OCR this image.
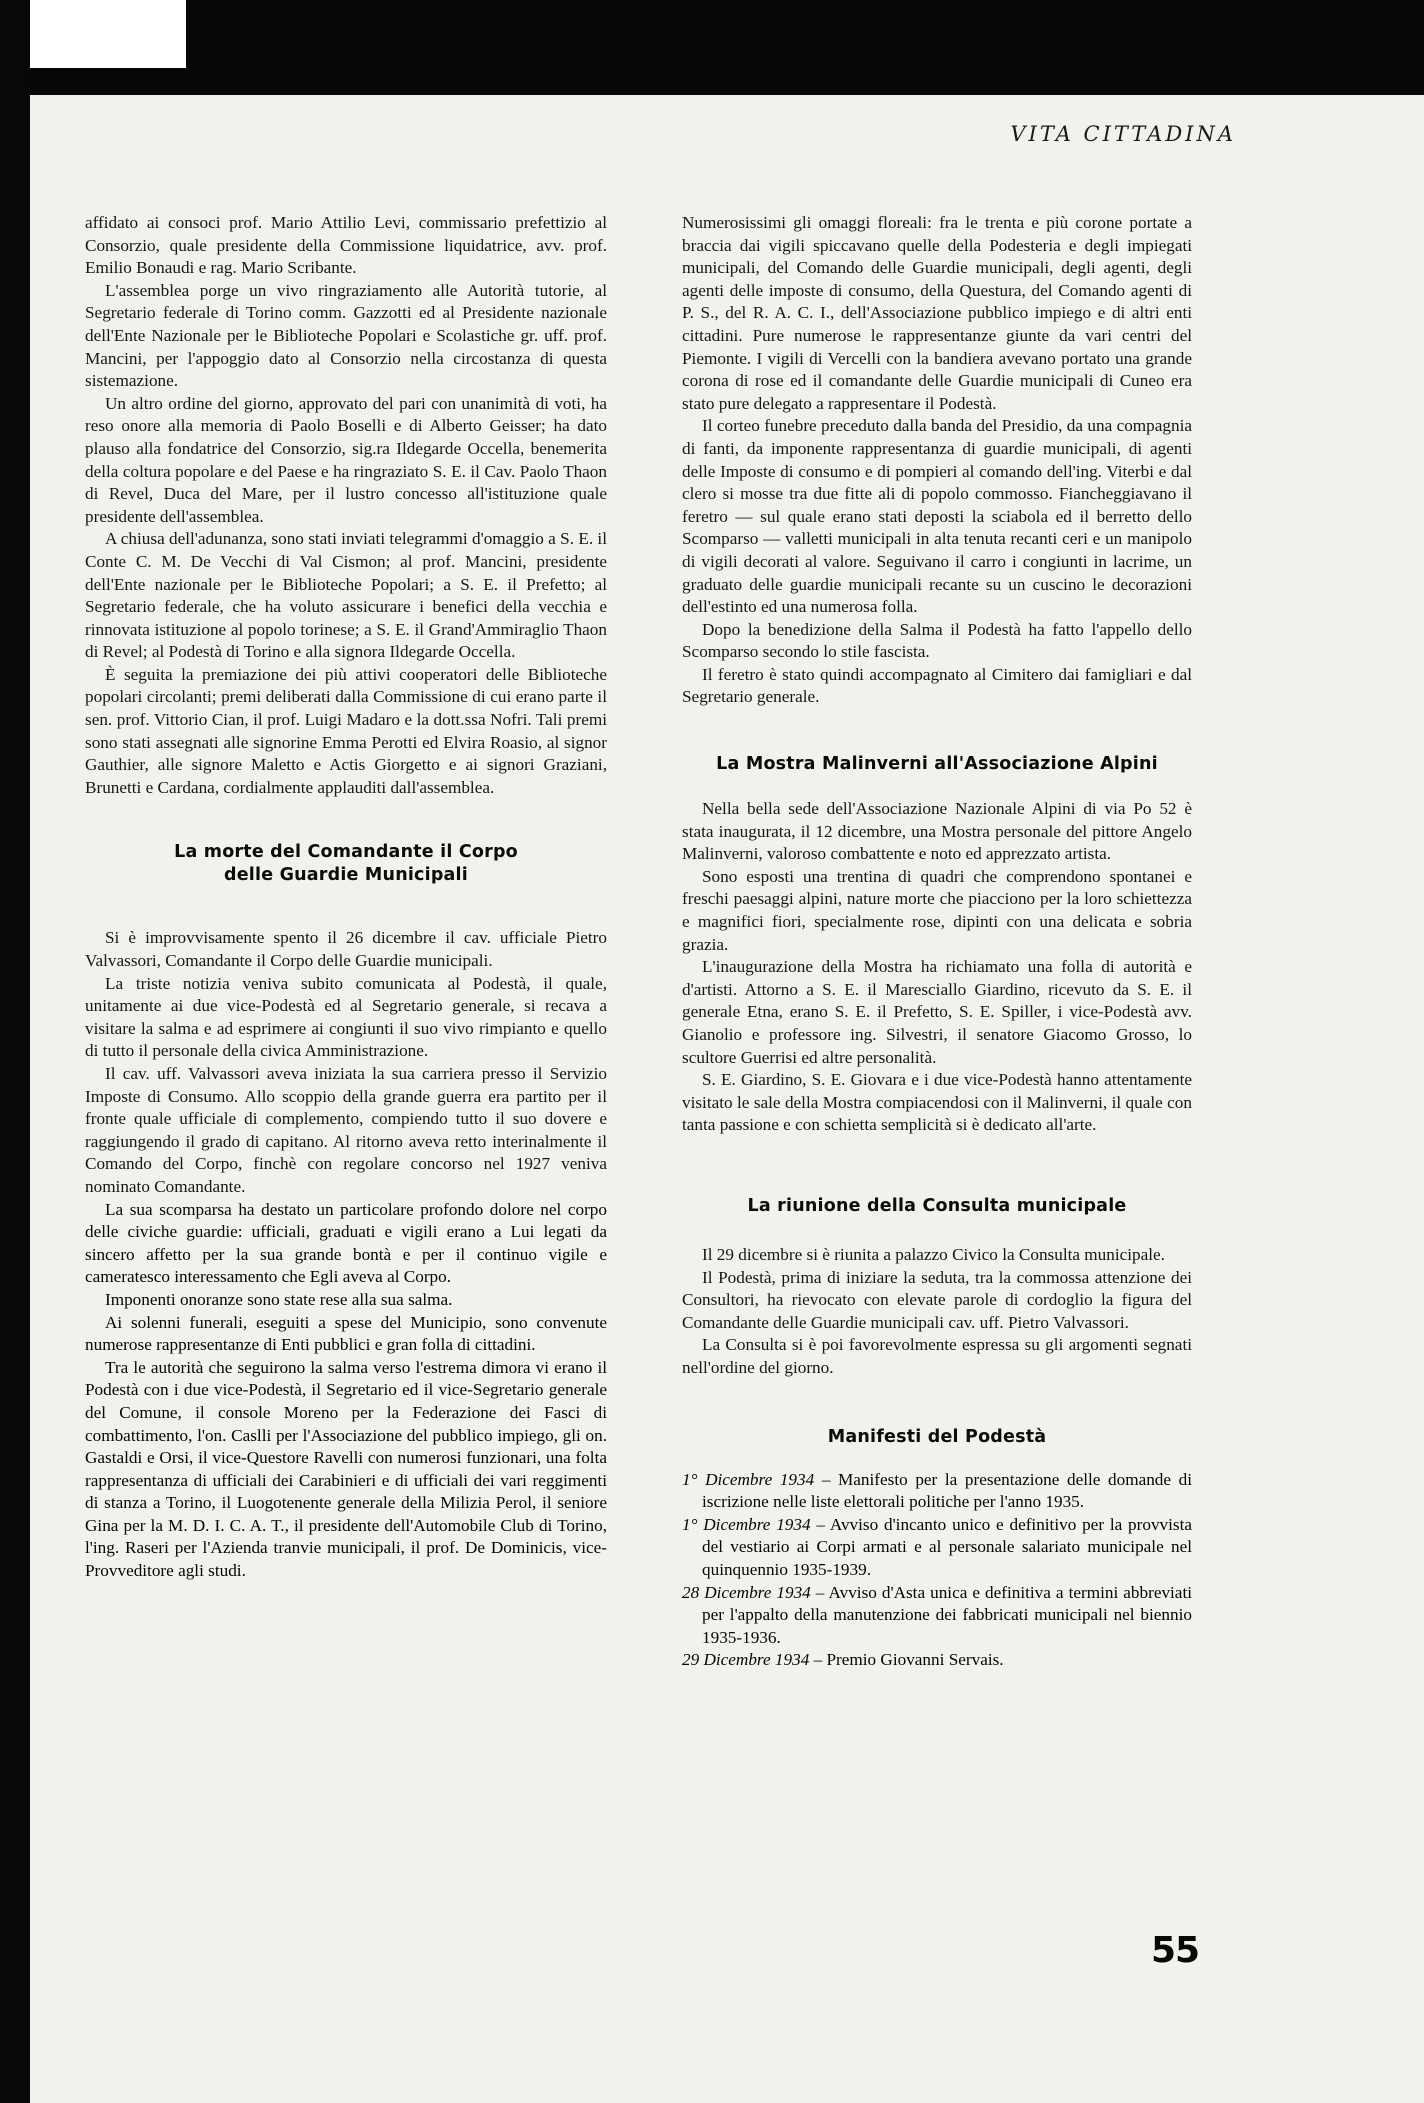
VITA CITTADINA

affidato ai consoci prof. Mario Attilio Levi, commissario prefettizio al Consorzio, quale presidente della Commissione liquidatrice, avv. prof. Emilio Bonaudi e rag. Mario Scribante.

L'assemblea porge un vivo ringraziamento alle Autorità tutorie, al Segretario federale di Torino comm. Gazzotti ed al Presidente nazionale dell'Ente Nazionale per le Biblioteche Popolari e Scolastiche gr. uff. prof. Mancini, per l'appoggio dato al Consorzio nella circostanza di questa sistemazione.

Un altro ordine del giorno, approvato del pari con unanimità di voti, ha reso onore alla memoria di Paolo Boselli e di Alberto Geisser; ha dato plauso alla fondatrice del Consorzio, sig.ra Ildegarde Occella, benemerita della coltura popolare e del Paese e ha ringraziato S. E. il Cav. Paolo Thaon di Revel, Duca del Mare, per il lustro concesso all'istituzione quale presidente dell'assemblea.

A chiusa dell'adunanza, sono stati inviati telegrammi d'omaggio a S. E. il Conte C. M. De Vecchi di Val Cismon; al prof. Mancini, presidente dell'Ente nazionale per le Biblioteche Popolari; a S. E. il Prefetto; al Segretario federale, che ha voluto assicurare i benefici della vecchia e rinnovata istituzione al popolo torinese; a S. E. il Grand'Ammiraglio Thaon di Revel; al Podestà di Torino e alla signora Ildegarde Occella.

È seguita la premiazione dei più attivi cooperatori delle Biblioteche popolari circolanti; premi deliberati dalla Commissione di cui erano parte il sen. prof. Vittorio Cian, il prof. Luigi Madaro e la dott.ssa Nofri. Tali premi sono stati assegnati alle signorine Emma Perotti ed Elvira Roasio, al signor Gauthier, alle signore Maletto e Actis Giorgetto e ai signori Graziani, Brunetti e Cardana, cordialmente applauditi dall'assemblea.

La morte del Comandante il Corpo
delle Guardie Municipali

Si è improvvisamente spento il 26 dicembre il cav. ufficiale Pietro Valvassori, Comandante il Corpo delle Guardie municipali.

La triste notizia veniva subito comunicata al Podestà, il quale, unitamente ai due vice-Podestà ed al Segretario generale, si recava a visitare la salma e ad esprimere ai congiunti il suo vivo rimpianto e quello di tutto il personale della civica Amministrazione.

Il cav. uff. Valvassori aveva iniziata la sua carriera presso il Servizio Imposte di Consumo. Allo scoppio della grande guerra era partito per il fronte quale ufficiale di complemento, compiendo tutto il suo dovere e raggiungendo il grado di capitano. Al ritorno aveva retto interinalmente il Comando del Corpo, finchè con regolare concorso nel 1927 veniva nominato Comandante.

La sua scomparsa ha destato un particolare profondo dolore nel corpo delle civiche guardie: ufficiali, graduati e vigili erano a Lui legati da sincero affetto per la sua grande bontà e per il continuo vigile e cameratesco interessamento che Egli aveva al Corpo.

Imponenti onoranze sono state rese alla sua salma.

Ai solenni funerali, eseguiti a spese del Municipio, sono convenute numerose rappresentanze di Enti pubblici e gran folla di cittadini.

Tra le autorità che seguirono la salma verso l'estrema dimora vi erano il Podestà con i due vice-Podestà, il Segretario ed il vice-Segretario generale del Comune, il console Moreno per la Federazione dei Fasci di combattimento, l'on. Caslli per l'Associazione del pubblico impiego, gli on. Gastaldi e Orsi, il vice-Questore Ravelli con numerosi funzionari, una folta rappresentanza di ufficiali dei Carabinieri e di ufficiali dei vari reggimenti di stanza a Torino, il Luogotenente generale della Milizia Perol, il seniore Gina per la M. D. I. C. A. T., il presidente dell'Automobile Club di Torino, l'ing. Raseri per l'Azienda tranvie municipali, il prof. De Dominicis, vice-Provveditore agli studi.

Numerosissimi gli omaggi floreali: fra le trenta e più corone portate a braccia dai vigili spiccavano quelle della Podesteria e degli impiegati municipali, del Comando delle Guardie municipali, degli agenti, degli agenti delle imposte di consumo, della Questura, del Comando agenti di P. S., del R. A. C. I., dell'Associazione pubblico impiego e di altri enti cittadini. Pure numerose le rappresentanze giunte da vari centri del Piemonte. I vigili di Vercelli con la bandiera avevano portato una grande corona di rose ed il comandante delle Guardie municipali di Cuneo era stato pure delegato a rappresentare il Podestà.

Il corteo funebre preceduto dalla banda del Presidio, da una compagnia di fanti, da imponente rappresentanza di guardie municipali, di agenti delle Imposte di consumo e di pompieri al comando dell'ing. Viterbi e dal clero si mosse tra due fitte ali di popolo commosso. Fiancheggiavano il feretro — sul quale erano stati deposti la sciabola ed il berretto dello Scomparso — valletti municipali in alta tenuta recanti ceri e un manipolo di vigili decorati al valore. Seguivano il carro i congiunti in lacrime, un graduato delle guardie municipali recante su un cuscino le decorazioni dell'estinto ed una numerosa folla.

Dopo la benedizione della Salma il Podestà ha fatto l'appello dello Scomparso secondo lo stile fascista.

Il feretro è stato quindi accompagnato al Cimitero dai famigliari e dal Segretario generale.

La Mostra Malinverni all'Associazione Alpini

Nella bella sede dell'Associazione Nazionale Alpini di via Po 52 è stata inaugurata, il 12 dicembre, una Mostra personale del pittore Angelo Malinverni, valoroso combattente e noto ed apprezzato artista.

Sono esposti una trentina di quadri che comprendono spontanei e freschi paesaggi alpini, nature morte che piacciono per la loro schiettezza e magnifici fiori, specialmente rose, dipinti con una delicata e sobria grazia.

L'inaugurazione della Mostra ha richiamato una folla di autorità e d'artisti. Attorno a S. E. il Maresciallo Giardino, ricevuto da S. E. il generale Etna, erano S. E. il Prefetto, S. E. Spiller, i vice-Podestà avv. Gianolio e professore ing. Silvestri, il senatore Giacomo Grosso, lo scultore Guerrisi ed altre personalità.

S. E. Giardino, S. E. Giovara e i due vice-Podestà hanno attentamente visitato le sale della Mostra compiacendosi con il Malinverni, il quale con tanta passione e con schietta semplicità si è dedicato all'arte.

La riunione della Consulta municipale

Il 29 dicembre si è riunita a palazzo Civico la Consulta municipale.

Il Podestà, prima di iniziare la seduta, tra la commossa attenzione dei Consultori, ha rievocato con elevate parole di cordoglio la figura del Comandante delle Guardie municipali cav. uff. Pietro Valvassori.

La Consulta si è poi favorevolmente espressa su gli argomenti segnati nell'ordine del giorno.

Manifesti del Podestà
1° Dicembre 1934 – Manifesto per la presentazione delle domande di iscrizione nelle liste elettorali politiche per l'anno 1935.
1° Dicembre 1934 – Avviso d'incanto unico e definitivo per la provvista del vestiario ai Corpi armati e al personale salariato municipale nel quinquennio 1935-1939.
28 Dicembre 1934 – Avviso d'Asta unica e definitiva a termini abbreviati per l'appalto della manutenzione dei fabbricati municipali nel biennio 1935-1936.
29 Dicembre 1934 – Premio Giovanni Servais.
55
